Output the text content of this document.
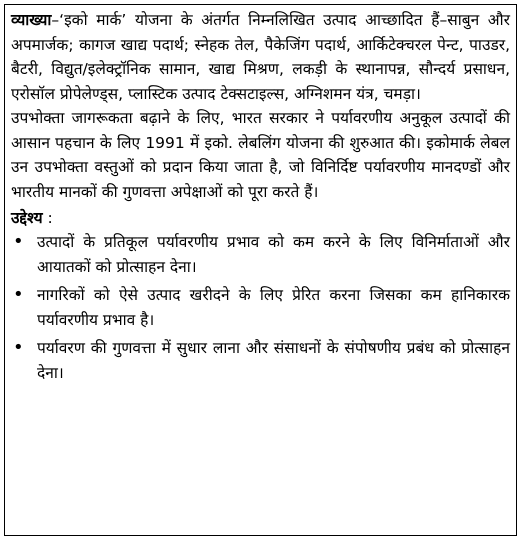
व्याख्या–‘इको मार्क’ योजना के अंतर्गत निम्नलिखित उत्पाद आच्छादित हैं–साबुन और अपमार्जक; कागज खाद्य पदार्थ; स्नेहक तेल, पैकेजिंग पदार्थ, आर्किटेक्चरल पेन्ट, पाउडर, बैटरी, विद्युत/इलेक्ट्रॉनिक सामान, खाद्य मिश्रण, लकड़ी के स्थानापन्न, सौन्दर्य प्रसाधन, एरोसॉल प्रोपेलेण्ड्स, प्लास्टिक उत्पाद टेक्सटाइल्स, अग्निशमन यंत्र, चमड़ा।

उपभोक्ता जागरूकता बढ़ाने के लिए, भारत सरकार ने पर्यावरणीय अनुकूल उत्पादों की आसान पहचान के लिए 1991 में इको. लेबलिंग योजना की शुरुआत की। इकोमार्क लेबल उन उपभोक्ता वस्तुओं को प्रदान किया जाता है, जो विनिर्दिष्ट पर्यावरणीय मानदण्डों और भारतीय मानकों की गुणवत्ता अपेक्षाओं को पूरा करते हैं।

उद्देश्य :

• उत्पादों के प्रतिकूल पर्यावरणीय प्रभाव को कम करने के लिए विनिर्माताओं और आयातकों को प्रोत्साहन देना।
• नागरिकों को ऐसे उत्पाद खरीदने के लिए प्रेरित करना जिसका कम हानिकारक पर्यावरणीय प्रभाव है।
• पर्यावरण की गुणवत्ता में सुधार लाना और संसाधनों के संपोषणीय प्रबंध को प्रोत्साहन देना।
